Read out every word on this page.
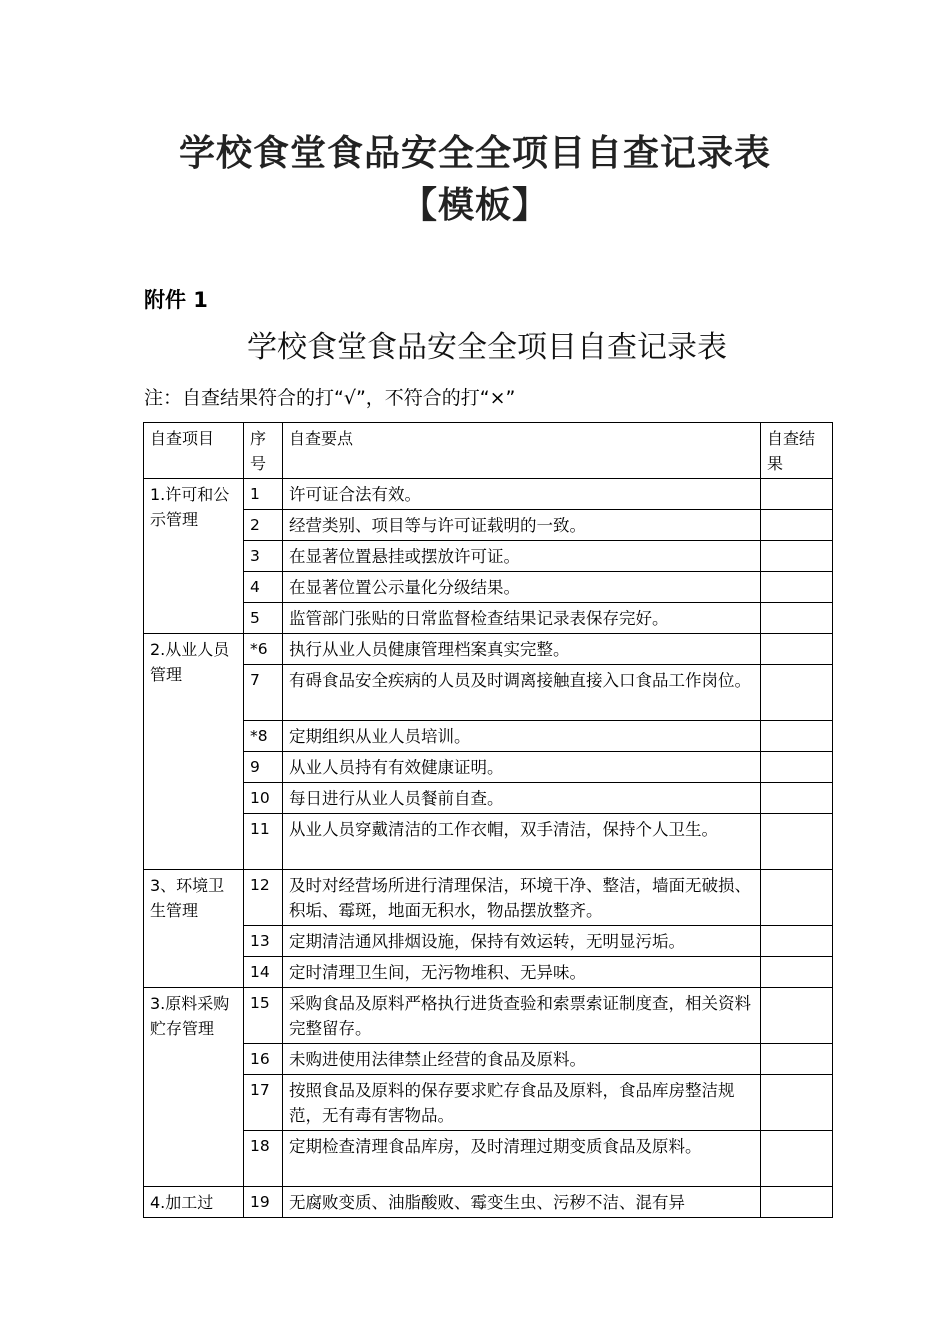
学校食堂食品安全全项目自查记录表【模板】
附件 1
学校食堂食品安全全项目自查记录表
注：自查结果符合的打“√”，不符合的打“×”
自查项目	序号	自查要点	自查结果
1.许可和公示管理	1	许可证合法有效。	
	2	经营类别、项目等与许可证载明的一致。	
	3	在显著位置悬挂或摆放许可证。	
	4	在显著位置公示量化分级结果。	
	5	监管部门张贴的日常监督检查结果记录表保存完好。	
2.从业人员管理	*6	执行从业人员健康管理档案真实完整。	
	7	有碍食品安全疾病的人员及时调离接触直接入口食品工作岗位。	
	*8	定期组织从业人员培训。	
	9	从业人员持有有效健康证明。	
	10	每日进行从业人员餐前自查。	
	11	从业人员穿戴清洁的工作衣帽，双手清洁，保持个人卫生。	
3、环境卫生管理	12	及时对经营场所进行清理保洁，环境干净、整洁，墙面无破损、积垢、霉斑，地面无积水，物品摆放整齐。	
	13	定期清洁通风排烟设施，保持有效运转，无明显污垢。	
	14	定时清理卫生间，无污物堆积、无异味。	
3.原料采购贮存管理	15	采购食品及原料严格执行进货查验和索票索证制度查，相关资料完整留存。	
	16	未购进使用法律禁止经营的食品及原料。	
	17	按照食品及原料的保存要求贮存食品及原料，食品库房整洁规范，无有毒有害物品。	
	18	定期检查清理食品库房，及时清理过期变质食品及原料。	
4.加工过	19	无腐败变质、油脂酸败、霉变生虫、污秽不洁、混有异	
